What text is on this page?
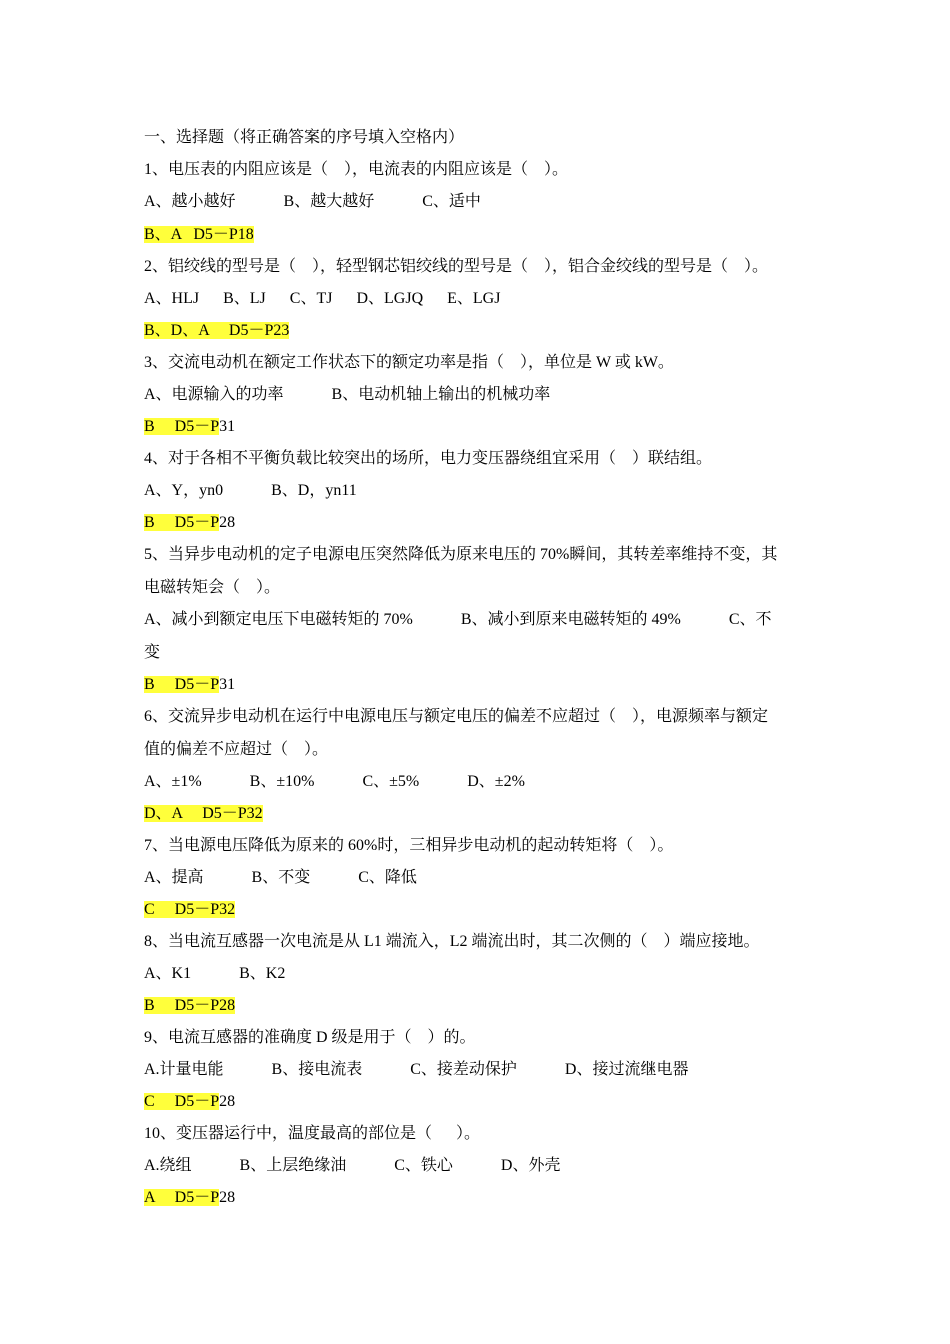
一、选择题（将正确答案的序号填入空格内）
1、电压表的内阻应该是（    ），电流表的内阻应该是（    ）。
A、越小越好            B、越大越好            C、适中
B、A   D5－P18
2、铝绞线的型号是（    ），轻型钢芯铝绞线的型号是（    ），铝合金绞线的型号是（    ）。
A、HLJ      B、LJ      C、TJ      D、LGJQ      E、LGJ
B、D、A     D5－P23
3、交流电动机在额定工作状态下的额定功率是指（    ），单位是 W 或 kW。
A、电源输入的功率            B、电动机轴上输出的机械功率
B     D5－P31
4、对于各相不平衡负载比较突出的场所，电力变压器绕组宜采用（    ）联结组。
A、Y，yn0            B、D，yn11
B     D5－P28
5、当异步电动机的定子电源电压突然降低为原来电压的 70%瞬间，其转差率维持不变，其
电磁转矩会（    ）。
A、减小到额定电压下电磁转矩的 70%            B、减小到原来电磁转矩的 49%            C、不
变
B     D5－P31
6、交流异步电动机在运行中电源电压与额定电压的偏差不应超过（    ），电源频率与额定
值的偏差不应超过（    ）。
A、±1%            B、±10%            C、±5%            D、±2%
D、A     D5－P32
7、当电源电压降低为原来的 60%时，三相异步电动机的起动转矩将（    ）。
A、提高            B、不变            C、降低
C     D5－P32
8、当电流互感器一次电流是从 L1 端流入，L2 端流出时，其二次侧的（    ）端应接地。
A、K1            B、K2
B     D5－P28
9、电流互感器的准确度 D 级是用于（    ）的。
A.计量电能            B、接电流表            C、接差动保护            D、接过流继电器
C     D5－P28
10、变压器运行中，温度最高的部位是（      ）。
A.绕组            B、上层绝缘油            C、铁心            D、外壳
A     D5－P28
